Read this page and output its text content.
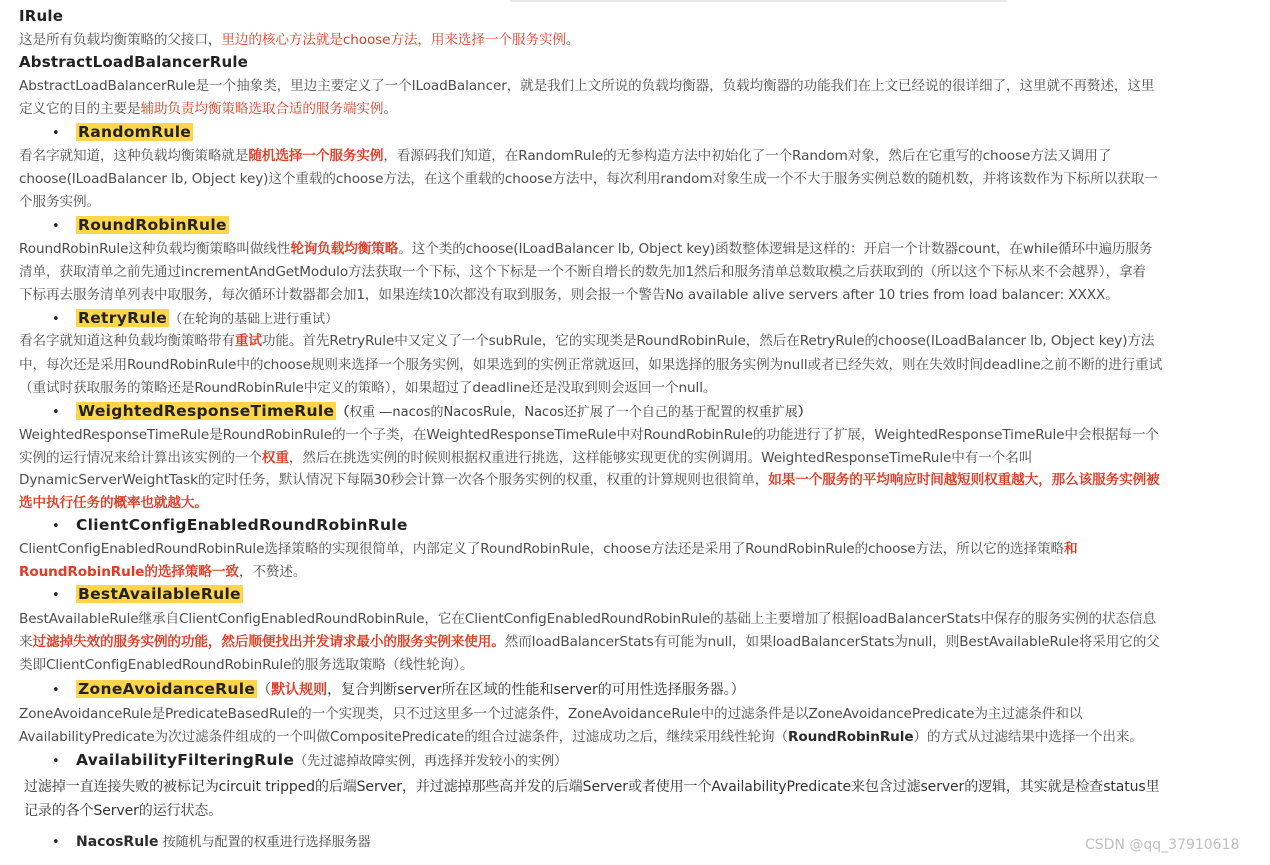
IRule
这是所有负载均衡策略的父接口，里边的核心方法就是choose方法，用来选择一个服务实例。
AbstractLoadBalancerRule
AbstractLoadBalancerRule是一个抽象类，里边主要定义了一个ILoadBalancer，就是我们上文所说的负载均衡器，负载均衡器的功能我们在上文已经说的很详细了，这里就不再赘述，这里
定义它的目的主要是辅助负责均衡策略选取合适的服务端实例。
• RandomRule
看名字就知道，这种负载均衡策略就是随机选择一个服务实例，看源码我们知道，在RandomRule的无参构造方法中初始化了一个Random对象，然后在它重写的choose方法又调用了
choose(ILoadBalancer lb, Object key)这个重载的choose方法，在这个重载的choose方法中，每次利用random对象生成一个不大于服务实例总数的随机数，并将该数作为下标所以获取一
个服务实例。
• RoundRobinRule
RoundRobinRule这种负载均衡策略叫做线性轮询负载均衡策略。这个类的choose(ILoadBalancer lb, Object key)函数整体逻辑是这样的：开启一个计数器count，在while循环中遍历服务
清单，获取清单之前先通过incrementAndGetModulo方法获取一个下标，这个下标是一个不断自增长的数先加1然后和服务清单总数取模之后获取到的（所以这个下标从来不会越界），拿着
下标再去服务清单列表中取服务，每次循环计数器都会加1，如果连续10次都没有取到服务，则会报一个警告No available alive servers after 10 tries from load balancer: XXXX。
• RetryRule （在轮询的基础上进行重试）
看名字就知道这种负载均衡策略带有重试功能。首先RetryRule中又定义了一个subRule，它的实现类是RoundRobinRule，然后在RetryRule的choose(ILoadBalancer lb, Object key)方法
中，每次还是采用RoundRobinRule中的choose规则来选择一个服务实例，如果选到的实例正常就返回，如果选择的服务实例为null或者已经失效，则在失效时间deadline之前不断的进行重试
（重试时获取服务的策略还是RoundRobinRule中定义的策略），如果超过了deadline还是没取到则会返回一个null。
• WeightedResponseTimeRule （权重 —nacos的NacosRule，Nacos还扩展了一个自己的基于配置的权重扩展）
WeightedResponseTimeRule是RoundRobinRule的一个子类，在WeightedResponseTimeRule中对RoundRobinRule的功能进行了扩展，WeightedResponseTimeRule中会根据每一个
实例的运行情况来给计算出该实例的一个权重，然后在挑选实例的时候则根据权重进行挑选，这样能够实现更优的实例调用。WeightedResponseTimeRule中有一个名叫
DynamicServerWeightTask的定时任务，默认情况下每隔30秒会计算一次各个服务实例的权重，权重的计算规则也很简单，如果一个服务的平均响应时间越短则权重越大，那么该服务实例被
选中执行任务的概率也就越大。
• ClientConfigEnabledRoundRobinRule
ClientConfigEnabledRoundRobinRule选择策略的实现很简单，内部定义了RoundRobinRule，choose方法还是采用了RoundRobinRule的choose方法，所以它的选择策略和
RoundRobinRule的选择策略一致，不赘述。
• BestAvailableRule
BestAvailableRule继承自ClientConfigEnabledRoundRobinRule，它在ClientConfigEnabledRoundRobinRule的基础上主要增加了根据loadBalancerStats中保存的服务实例的状态信息
来过滤掉失效的服务实例的功能，然后顺便找出并发请求最小的服务实例来使用。然而loadBalancerStats有可能为null，如果loadBalancerStats为null，则BestAvailableRule将采用它的父
类即ClientConfigEnabledRoundRobinRule的服务选取策略（线性轮询）。
• ZoneAvoidanceRule （默认规则，复合判断server所在区域的性能和server的可用性选择服务器。）
ZoneAvoidanceRule是PredicateBasedRule的一个实现类，只不过这里多一个过滤条件，ZoneAvoidanceRule中的过滤条件是以ZoneAvoidancePredicate为主过滤条件和以
AvailabilityPredicate为次过滤条件组成的一个叫做CompositePredicate的组合过滤条件，过滤成功之后，继续采用线性轮询（RoundRobinRule）的方式从过滤结果中选择一个出来。
• AvailabilityFilteringRule（先过滤掉故障实例，再选择并发较小的实例）
过滤掉一直连接失败的被标记为circuit tripped的后端Server，并过滤掉那些高并发的后端Server或者使用一个AvailabilityPredicate来包含过滤server的逻辑，其实就是检查status里
记录的各个Server的运行状态。
• NacosRule 按随机与配置的权重进行选择服务器	CSDN @qq_37910618
